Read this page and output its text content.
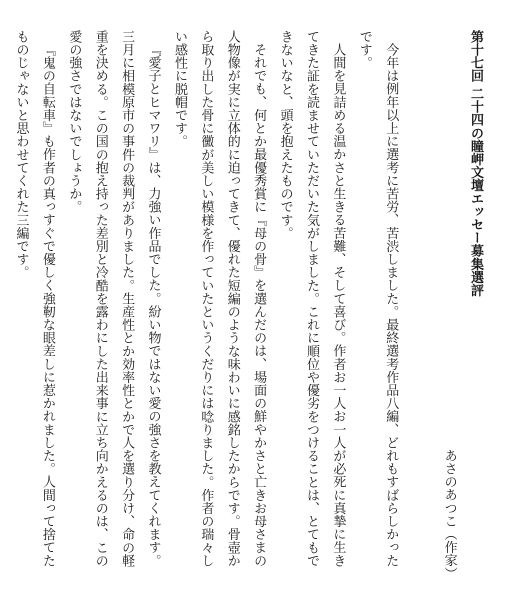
第十七回 二十四の瞳岬文壇エッセー募集選評
あさのあつこ（作家）

今年は例年以上に選考に苦労、苦渋しました。最終選考作品八編、どれもすばらしかったです。

人間を見詰める温かさと生きる苦難、そして喜び。作者お一人お一人が必死に真摯に生きてきた証を読ませていただいた気がしました。これに順位や優劣をつけることは、とてもできないなと、頭を抱えたものです。

それでも、何とか最優秀賞に『母の骨』を選んだのは、場面の鮮やかさと亡きお母さまの人物像が実に立体的に迫ってきて、優れた短編のような味わいに感銘したからです。骨壺から取り出した骨に黴が美しい模様を作っていたというくだりには唸りました。作者の瑞々しい感性に脱帽です。

『愛子とヒマワリ』は、力強い作品でした。紛い物ではない愛の強さを教えてくれます。三月に相模原市の事件の裁判がありました。生産性とか効率性とかで人を選り分け、命の軽重を決める。この国の抱え持った差別と冷酷を露わにした出来事に立ち向かえるのは、この愛の強さではないでしょうか。

『鬼の自転車』も作者の真っすぐで優しく強靭な眼差しに惹かれました。人間って捨てたものじゃないと思わせてくれた三編です。
